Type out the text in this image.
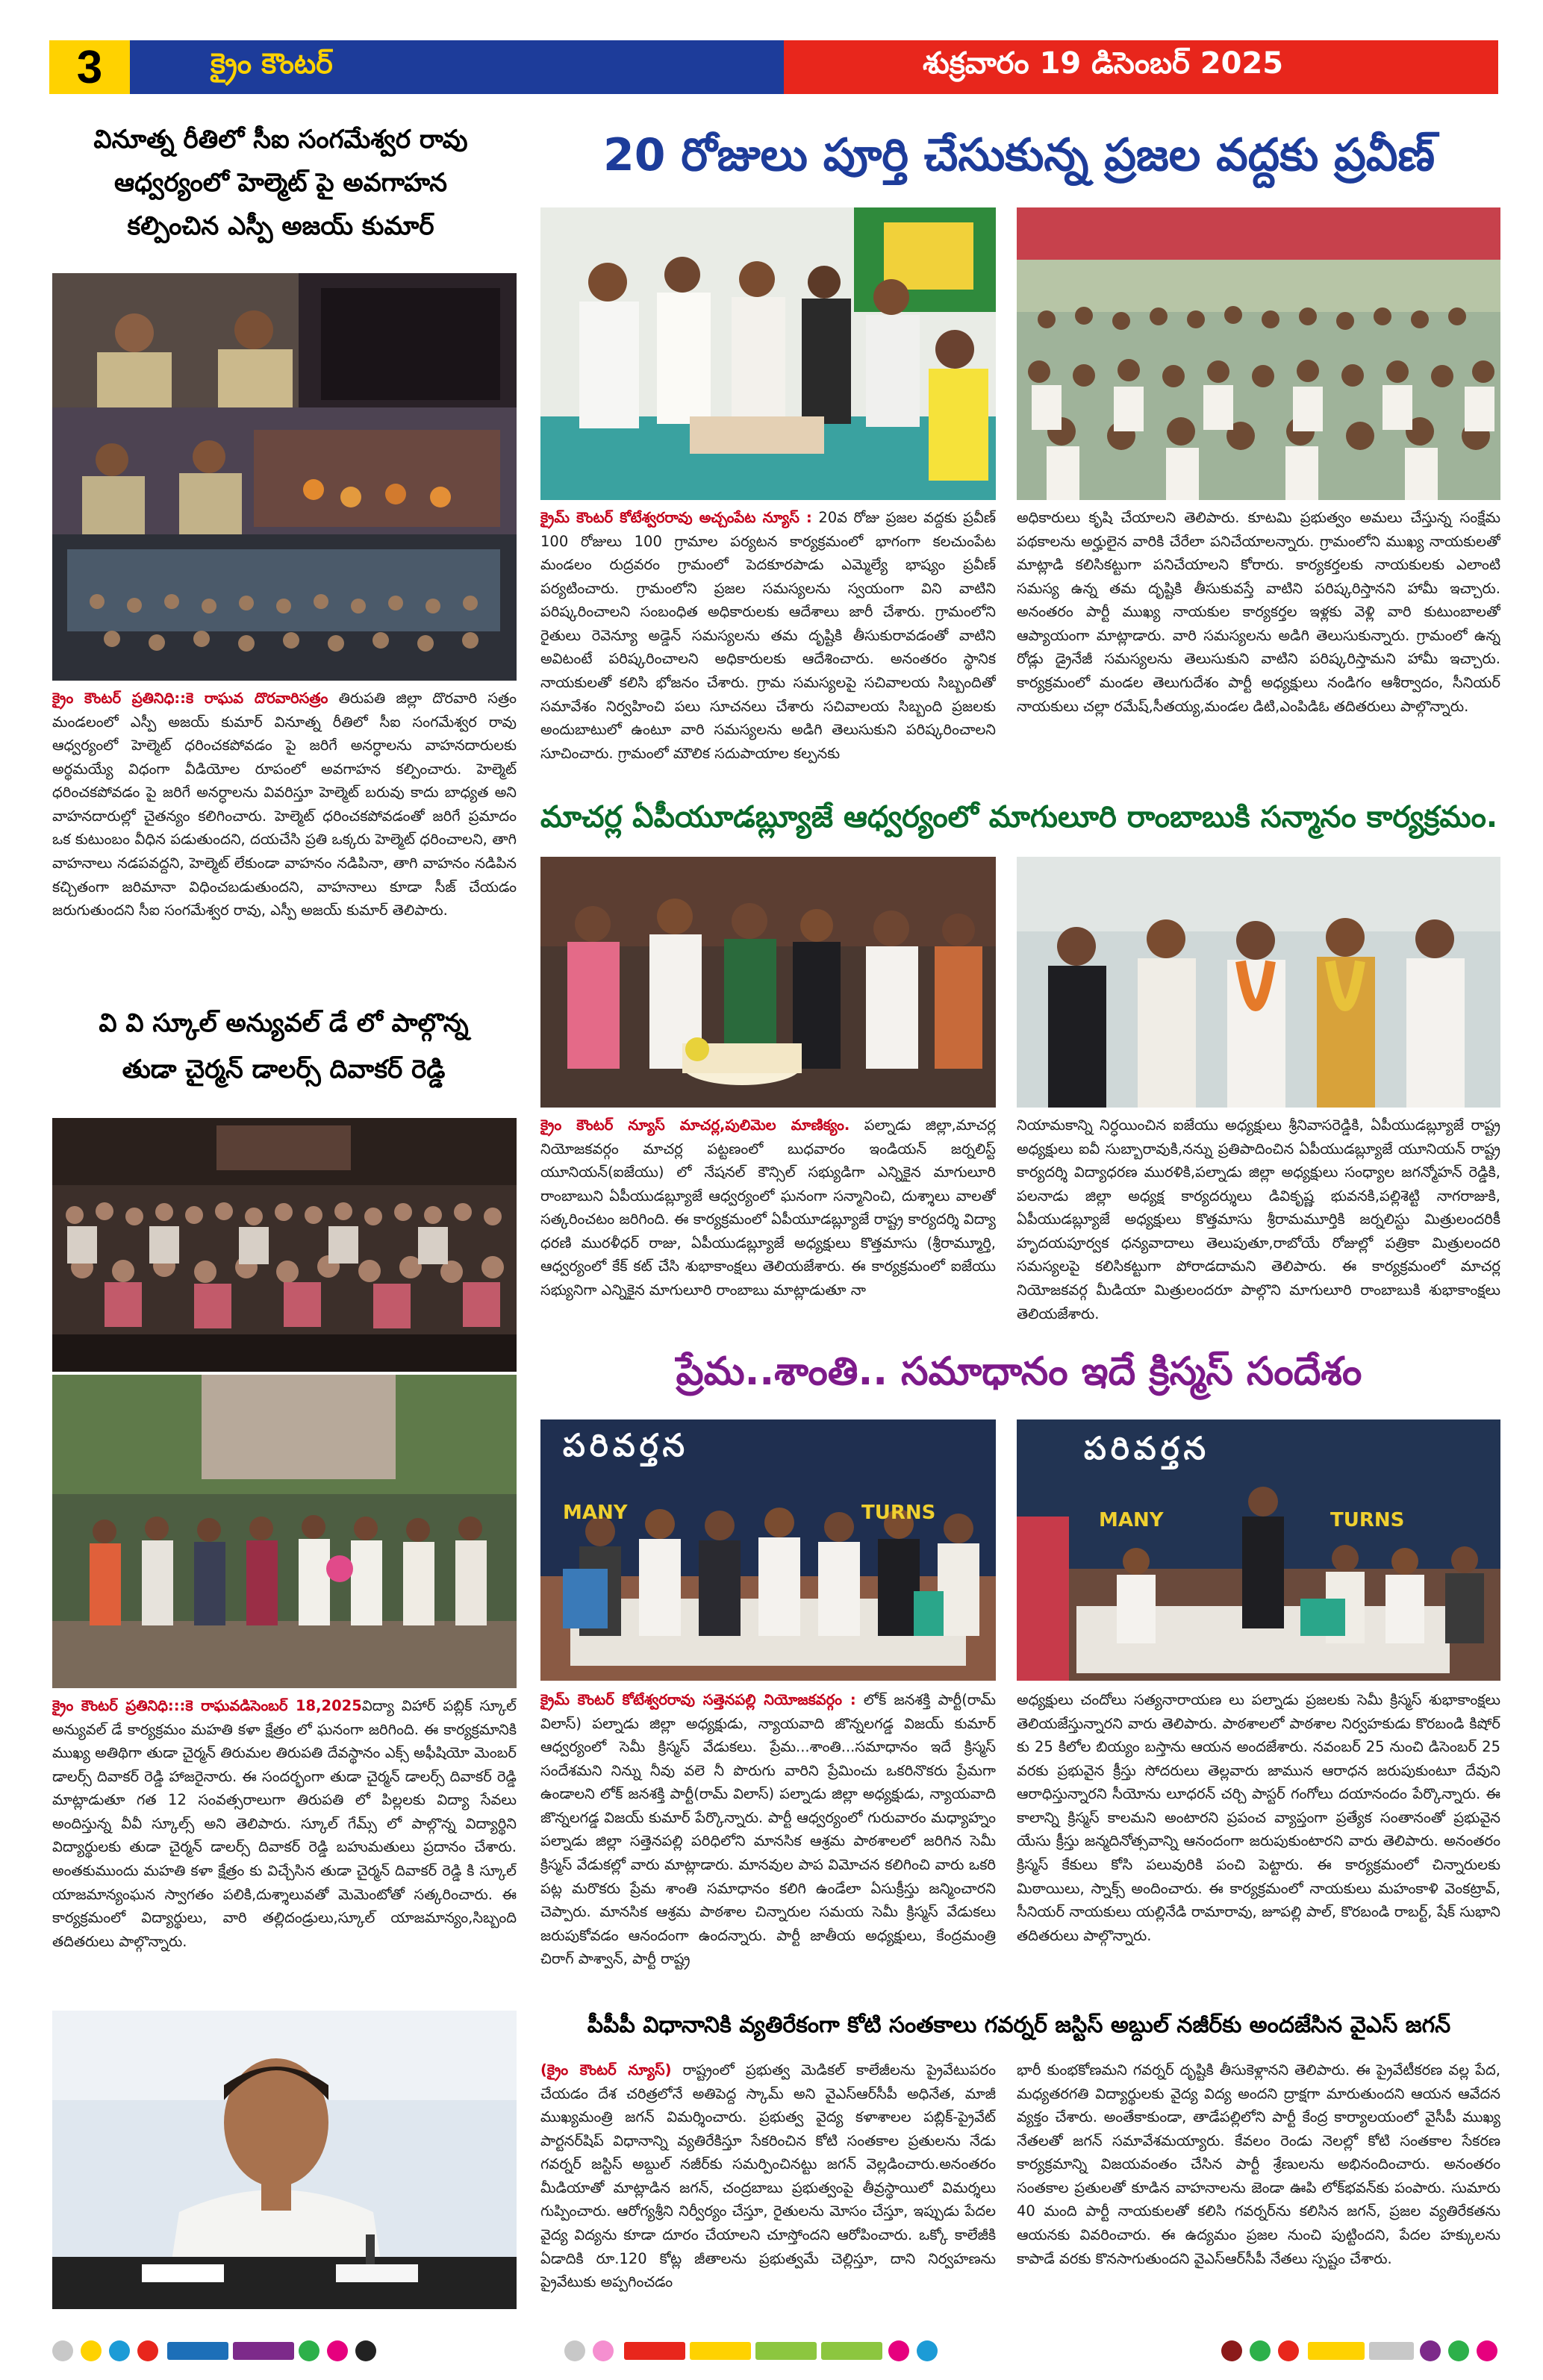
3	క్రైం కౌంటర్	శుక్రవారం 19 డిసెంబర్ 2025
వినూత్న రీతిలో సీఐ సంగమేశ్వర రావు
ఆధ్వర్యంలో హెల్మెట్ పై అవగాహన
కల్పించిన ఎస్పీ అజయ్ కుమార్
క్రైం కౌంటర్ ప్రతినిధి::కె రాఘవ దొరవారిసత్రం తిరుపతి జిల్లా దొరవారి సత్రం మండలంలో ఎస్పీ అజయ్ కుమార్ వినూత్న రీతిలో సీఐ సంగమేశ్వర రావు ఆధ్వర్యంలో హెల్మెట్ ధరించకపోవడం పై జరిగే అనర్ధాలను వాహనదారులకు అర్థమయ్యే విధంగా వీడియోల రూపంలో అవగాహన కల్పించారు. హెల్మెట్ ధరించకపోవడం పై జరిగే అనర్ధాలను వివరిస్తూ హెల్మెట్ బరువు కాదు బాధ్యత అని వాహనదారుల్లో చైతన్యం కలిగించారు. హెల్మెట్ ధరించకపోవడంతో జరిగే ప్రమాదం ఒక కుటుంబం వీధిన పడుతుందని, దయచేసి ప్రతి ఒక్కరు హెల్మెట్ ధరించాలని, తాగి వాహనాలు నడపవద్దని, హెల్మెట్ లేకుండా వాహనం నడిపినా, తాగి వాహనం నడిపిన కచ్చితంగా జరిమానా విధించబడుతుందని, వాహనాలు కూడా సీజ్ చేయడం జరుగుతుందని సీఐ సంగమేశ్వర రావు, ఎస్పీ అజయ్ కుమార్ తెలిపారు.
వి వి స్కూల్ అన్యువల్ డే లో పాల్గొన్న
తుడా చైర్మన్ డాలర్స్ దివాకర్ రెడ్డి
క్రైం కౌంటర్ ప్రతినిధి:::కె రాఘవడిసెంబర్ 18,2025విద్యా విహార్ పబ్లిక్ స్కూల్ అన్యువల్ డే కార్యక్రమం మహతి కళా క్షేత్రం లో ఘనంగా జరిగింది. ఈ కార్యక్రమానికి ముఖ్య అతిథిగా తుడా చైర్మన్ తిరుమల తిరుపతి దేవస్థానం ఎక్స్ అఫీషియో మెంబర్ డాలర్స్ దివాకర్ రెడ్డి హాజరైనారు. ఈ సందర్భంగా తుడా చైర్మన్ డాలర్స్ దివాకర్ రెడ్డి మాట్లాడుతూ గత 12 సంవత్సరాలుగా తిరుపతి లో పిల్లలకు విద్యా సేవలు అందిస్తున్న వీవీ స్కూల్స్ అని తెలిపారు. స్కూల్ గేమ్స్ లో పాల్గొన్న విద్యార్థిని విద్యార్థులకు తుడా చైర్మన్ డాలర్స్ దివాకర్ రెడ్డి బహుమతులు ప్రదానం చేశారు. అంతకుముందు మహతి కళా క్షేత్రం కు విచ్చేసిన తుడా చైర్మన్ దివాకర్ రెడ్డి కి స్కూల్ యాజమాన్యంఘన స్వాగతం పలికి,దుశ్శాలువతో మెమెంటోతో సత్కరించారు. ఈ కార్యక్రమంలో విద్యార్థులు, వారి తల్లిదండ్రులు,స్కూల్ యాజమాన్యం,సిబ్బంది తదితరులు పాల్గొన్నారు.
20 రోజులు పూర్తి చేసుకున్న ప్రజల వద్దకు ప్రవీణ్
క్రైమ్ కౌంటర్ కోటేశ్వరరావు అచ్చంపేట న్యూస్ : 20వ రోజు ప్రజల వద్దకు ప్రవీణ్ 100 రోజులు 100 గ్రామాల పర్యటన కార్యక్రమంలో భాగంగా కలచుంపేట మండలం రుద్రవరం గ్రామంలో పెదకూరపాడు ఎమ్మెల్యే భాష్యం ప్రవీణ్ పర్యటించారు. గ్రామంలోని ప్రజల సమస్యలను స్వయంగా విని వాటిని పరిష్కరించాలని సంబంధిత అధికారులకు ఆదేశాలు జారీ చేశారు. గ్రామంలోని రైతులు రెవెన్యూ అడ్డెన్ సమస్యలను తమ దృష్టికి తీసుకురావడంతో వాటిని అవిటంటే పరిష్కరించాలని అధికారులకు ఆదేశించారు. అనంతరం స్థానిక నాయకులతో కలిసి భోజనం చేశారు. గ్రామ సమస్యలపై సచివాలయ సిబ్బందితో సమావేశం నిర్వహించి పలు సూచనలు చేశారు సచివాలయ సిబ్బంది ప్రజలకు అందుబాటులో ఉంటూ వారి సమస్యలను అడిగి తెలుసుకుని పరిష్కరించాలని సూచించారు. గ్రామంలో మౌలిక సదుపాయాల కల్పనకు
అధికారులు కృషి చేయాలని తెలిపారు. కూటమి ప్రభుత్వం అమలు చేస్తున్న సంక్షేమ పథకాలను అర్హులైన వారికి చేరేలా పనిచేయాలన్నారు. గ్రామంలోని ముఖ్య నాయకులతో మాట్లాడి కలిసికట్టుగా పనిచేయాలని కోరారు. కార్యకర్తలకు నాయకులకు ఎలాంటి సమస్య ఉన్న తమ దృష్టికి తీసుకువస్తే వాటిని పరిష్కరిస్తానని హామీ ఇచ్చారు. అనంతరం పార్టీ ముఖ్య నాయకుల కార్యకర్తల ఇళ్లకు వెళ్లి వారి కుటుంబాలతో ఆప్యాయంగా మాట్లాడారు. వారి సమస్యలను అడిగి తెలుసుకున్నారు. గ్రామంలో ఉన్న రోడ్లు డ్రైనేజీ సమస్యలను తెలుసుకుని వాటిని పరిష్కరిస్తామని హామీ ఇచ్చారు. కార్యక్రమంలో మండల తెలుగుదేశం పార్టీ అధ్యక్షులు నండిగం ఆశీర్వాదం, సీనియర్ నాయకులు చల్లా రమేష్,సీతయ్య,మండల డిటి,ఎంపిడిఓ తదితరులు పాల్గొన్నారు.
మాచర్ల ఏపీయూడబ్ల్యూజే ఆధ్వర్యంలో మాగులూరి రాంబాబుకి సన్మానం కార్యక్రమం.
క్రైం కౌంటర్ న్యూస్ మాచర్ల,పులిమెల మాణిక్యం. పల్నాడు జిల్లా,మాచర్ల నియోజకవర్గం మాచర్ల పట్టణంలో బుధవారం ఇండియన్ జర్నలిస్ట్ యూనియన్(ఐజేయు) లో నేషనల్ కౌన్సిల్ సభ్యుడిగా ఎన్నికైన మాగులూరి రాంబాబుని ఏపీయుడబ్ల్యూజే ఆధ్వర్యంలో ఘనంగా సన్మానించి, దుశ్శాలు వాలతో సత్కరించటం జరిగింది. ఈ కార్యక్రమంలో ఏపీయూడబ్ల్యూజే రాష్ట్ర కార్యదర్శి విద్యా ధరణి మురళీధర్ రాజు, ఏపీయుడబ్ల్యూజే అధ్యక్షులు కొత్తమాసు (శ్రీరామ్మూర్తి, ఆధ్వర్యంలో కేక్ కట్ చేసి శుభాకాంక్షలు తెలియజేశారు. ఈ కార్యక్రమంలో ఐజేయు సభ్యునిగా ఎన్నికైన మాగులూరి రాంబాబు మాట్లాడుతూ నా
నియామకాన్ని నిర్ధయించిన ఐజేయు అధ్యక్షులు శ్రీనివాసరెడ్డికి, ఏపీయుడబ్ల్యూజే రాష్ట్ర అధ్యక్షులు ఐవీ సుబ్బారావుకి,నన్ను ప్రతిపాదించిన ఏపీయుడబ్ల్యూజే యూనియన్ రాష్ట్ర కార్యదర్శి విద్యాధరణ మురళికి,పల్నాడు జిల్లా అధ్యక్షులు సంధ్యాల జగన్మోహన్ రెడ్డికి, పలనాడు జిల్లా అధ్యక్ష కార్యదర్శులు డివికృష్ణ భువనకి,పల్లిశెట్టి నాగరాజుకి, ఏపీయుడబ్ల్యూజే అధ్యక్షులు కొత్తమాసు శ్రీరామమూర్తికి జర్నలిస్టు మిత్రులందరికీ హృదయపూర్వక ధన్యవాదాలు తెలుపుతూ,రాబోయే రోజుల్లో పత్రికా మిత్రులందరి సమస్యలపై కలిసికట్టుగా పోరాడదామని తెలిపారు. ఈ కార్యక్రమంలో మాచర్ల నియోజకవర్గ మీడియా మిత్రులందరూ పాల్గొని మాగులూరి రాంబాబుకి శుభాకాంక్షలు తెలియజేశారు.
ప్రేమ..శాంతి.. సమాధానం ఇదే క్రిస్మస్ సందేశం
పరివర్తన
MANY	TURNS
పరివర్తన
MANY	TURNS
క్రైమ్ కౌంటర్ కోటేశ్వరరావు సత్తెనపల్లి నియోజకవర్గం : లోక్ జనశక్తి పార్టీ(రామ్ విలాస్) పల్నాడు జిల్లా అధ్యక్షుడు, న్యాయవాది జొన్నలగడ్డ విజయ్ కుమార్ ఆధ్వర్యంలో సెమీ క్రిస్మస్ వేడుకలు. ప్రేమ...శాంతి...సమాధానం ఇదే క్రిస్మస్ సందేశమని నిన్ను నీవు వలె నీ పొరుగు వారిని ప్రేమించు ఒకరినొకరు ప్రేమగా ఉండాలని లోక్ జనశక్తి పార్టీ(రామ్ విలాస్) పల్నాడు జిల్లా అధ్యక్షుడు, న్యాయవాది జొన్నలగడ్డ విజయ్ కుమార్ పేర్కొన్నారు. పార్టీ ఆధ్వర్యంలో గురువారం మధ్యాహ్నం పల్నాడు జిల్లా సత్తెనపల్లి పరిధిలోని మానసిక ఆశ్రమ పాఠశాలలో జరిగిన సెమీ క్రిస్మస్ వేడుకల్లో వారు మాట్లాడారు. మానవుల పాప విమోచన కలిగించి వారు ఒకరి పట్ల మరొకరు ప్రేమ శాంతి సమాధానం కలిగి ఉండేలా ఏసుక్రీస్తు జన్మించారని చెప్పారు. మానసిక ఆశ్రమ పాఠశాల చిన్నారుల సమయ సెమీ క్రిస్మస్ వేడుకలు జరుపుకోవడం ఆనందంగా ఉందన్నారు. పార్టీ జాతీయ అధ్యక్షులు, కేంద్రమంత్రి చిరాగ్ పాశ్వాన్, పార్టీ రాష్ట్ర
అధ్యక్షులు చందోలు సత్యనారాయణ లు పల్నాడు ప్రజలకు సెమీ క్రిస్మస్ శుభాకాంక్షలు తెలియజేస్తున్నారని వారు తెలిపారు. పాఠశాలలో పాఠశాల నిర్వహకుడు కొరబండి కిషోర్ కు 25 కిలోల బియ్యం బస్తాను ఆయన అందజేశారు. నవంబర్ 25 నుంచి డిసెంబర్ 25 వరకు ప్రభువైన క్రీస్తు సోదరులు తెల్లవారు జామున ఆరాధన జరుపుకుంటూ దేవుని ఆరాధిస్తున్నారని సీయోను లూధరన్ చర్చి పాస్టర్ గంగోలు దయానందం పేర్కొన్నారు. ఈ కాలాన్ని క్రిస్మస్ కాలమని అంటారని ప్రపంచ వ్యాప్తంగా ప్రత్యేక సంతానంతో ప్రభువైన యేసు క్రీస్తు జన్మదినోత్సవాన్ని ఆనందంగా జరుపుకుంటారని వారు తెలిపారు. అనంతరం క్రిస్మస్ కేకులు కోసి పలువురికి పంచి పెట్టారు. ఈ కార్యక్రమంలో చిన్నారులకు మిఠాయిలు, స్నాక్స్ అందించారు. ఈ కార్యక్రమంలో నాయకులు మహంకాళి వెంకట్రావ్, సీనియర్ నాయకులు యల్లినేడి రామారావు, జూపల్లి పాల్, కొరబండి రాబర్ట్, షేక్ సుభాని తదితరులు పాల్గొన్నారు.
పీపీపీ విధానానికి వ్యతిరేకంగా కోటి సంతకాలు గవర్నర్ జస్టిస్ అబ్దుల్ నజీర్‌కు అందజేసిన వైఎస్ జగన్
(క్రైం కౌంటర్ న్యూస్) రాష్ట్రంలో ప్రభుత్వ మెడికల్ కాలేజీలను ప్రైవేటుపరం చేయడం దేశ చరిత్రలోనే అతిపెద్ద స్కామ్ అని వైఎస్ఆర్‌సీపీ అధినేత, మాజీ ముఖ్యమంత్రి జగన్ విమర్శించారు. ప్రభుత్వ వైద్య కళాశాలల పబ్లిక్-ప్రైవేట్ పార్టనర్‌షిప్ విధానాన్ని వ్యతిరేకిస్తూ సేకరించిన కోటి సంతకాల ప్రతులను నేడు గవర్నర్ జస్టిస్ అబ్దుల్ నజీర్‌కు సమర్పించినట్టు జగన్ వెల్లడించారు.అనంతరం మీడియాతో మాట్లాడిన జగన్, చంద్రబాబు ప్రభుత్వంపై తీవ్రస్థాయిలో విమర్శలు గుప్పించారు. ఆరోగ్యశ్రీని నిర్వీర్యం చేస్తూ, రైతులను మోసం చేస్తూ, ఇప్పుడు పేదల వైద్య విద్యను కూడా దూరం చేయాలని చూస్తోందని ఆరోపించారు. ఒక్కో కాలేజీకి ఏడాదికి రూ.120 కోట్ల జీతాలను ప్రభుత్వమే చెల్లిస్తూ, దాని నిర్వహణను ప్రైవేటుకు అప్పగించడం
భారీ కుంభకోణమని గవర్నర్ దృష్టికి తీసుకెళ్లానని తెలిపారు. ఈ ప్రైవేటీకరణ వల్ల పేద, మధ్యతరగతి విద్యార్థులకు వైద్య విద్య అందని ద్రాక్షగా మారుతుందని ఆయన ఆవేదన వ్యక్తం చేశారు. అంతేకాకుండా, తాడేపల్లిలోని పార్టీ కేంద్ర కార్యాలయంలో వైసీపీ ముఖ్య నేతలతో జగన్ సమావేశమయ్యారు. కేవలం రెండు నెలల్లో కోటి సంతకాల సేకరణ కార్యక్రమాన్ని విజయవంతం చేసిన పార్టీ శ్రేణులను అభినందించారు. అనంతరం సంతకాల ప్రతులతో కూడిన వాహనాలను జెండా ఊపి లోక్‌భవన్‌కు పంపారు. సుమారు 40 మంది పార్టీ నాయకులతో కలిసి గవర్నర్‌ను కలిసిన జగన్, ప్రజల వ్యతిరేకతను ఆయనకు వివరించారు. ఈ ఉద్యమం ప్రజల నుంచి పుట్టిందని, పేదల హక్కులను కాపాడే వరకు కొనసాగుతుందని వైఎస్ఆర్‌సీపీ నేతలు స్పష్టం చేశారు.
